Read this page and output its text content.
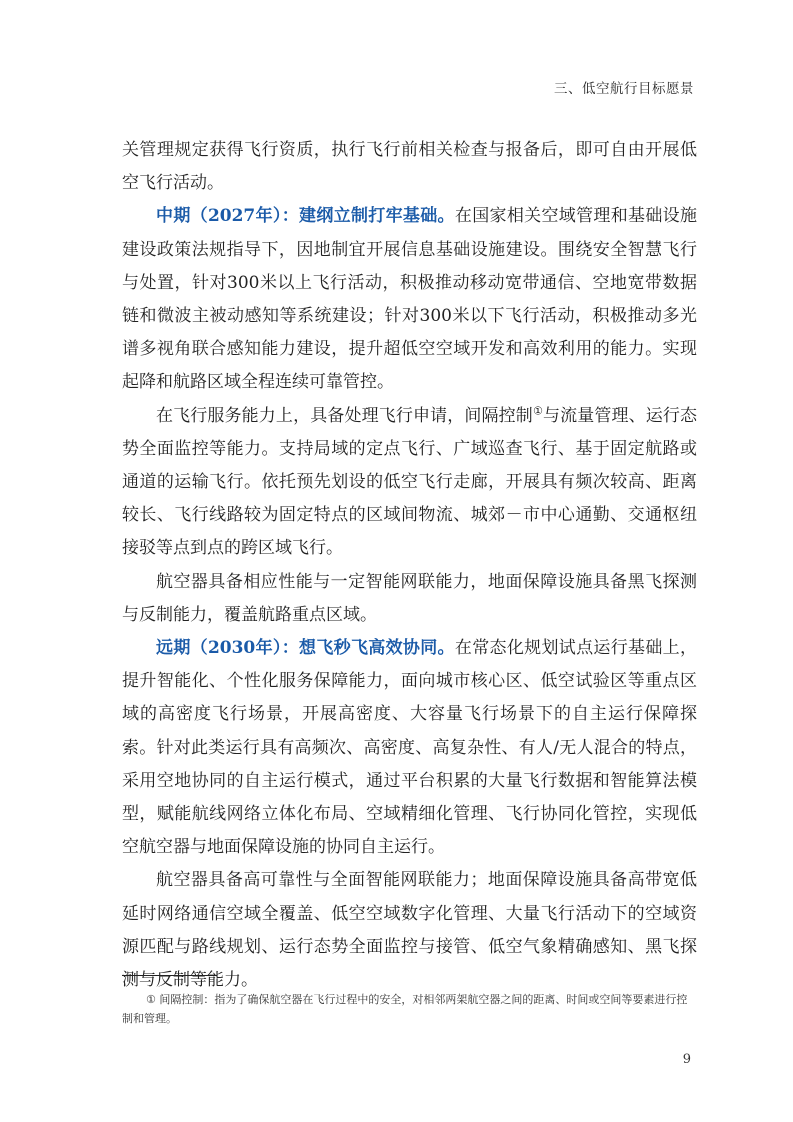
三、低空航行目标愿景

关管理规定获得飞行资质，执行飞行前相关检查与报备后，即可自由开展低空飞行活动。

中期（2027年）：建纲立制打牢基础。在国家相关空域管理和基础设施建设政策法规指导下，因地制宜开展信息基础设施建设。围绕安全智慧飞行与处置，针对300米以上飞行活动，积极推动移动宽带通信、空地宽带数据链和微波主被动感知等系统建设；针对300米以下飞行活动，积极推动多光谱多视角联合感知能力建设，提升超低空空域开发和高效利用的能力。实现起降和航路区域全程连续可靠管控。

在飞行服务能力上，具备处理飞行申请，间隔控制①与流量管理、运行态势全面监控等能力。支持局域的定点飞行、广域巡查飞行、基于固定航路或通道的运输飞行。依托预先划设的低空飞行走廊，开展具有频次较高、距离较长、飞行线路较为固定特点的区域间物流、城郊－市中心通勤、交通枢纽接驳等点到点的跨区域飞行。

航空器具备相应性能与一定智能网联能力，地面保障设施具备黑飞探测与反制能力，覆盖航路重点区域。

远期（2030年）：想飞秒飞高效协同。在常态化规划试点运行基础上，提升智能化、个性化服务保障能力，面向城市核心区、低空试验区等重点区域的高密度飞行场景，开展高密度、大容量飞行场景下的自主运行保障探索。针对此类运行具有高频次、高密度、高复杂性、有人/无人混合的特点，采用空地协同的自主运行模式，通过平台积累的大量飞行数据和智能算法模型，赋能航线网络立体化布局、空域精细化管理、飞行协同化管控，实现低空航空器与地面保障设施的协同自主运行。

航空器具备高可靠性与全面智能网联能力；地面保障设施具备高带宽低延时网络通信空域全覆盖、低空空域数字化管理、大量飞行活动下的空域资源匹配与路线规划、运行态势全面监控与接管、低空气象精确感知、黑飞探测与反制等能力。

① 间隔控制：指为了确保航空器在飞行过程中的安全，对相邻两架航空器之间的距离、时间或空间等要素进行控制和管理。
9
